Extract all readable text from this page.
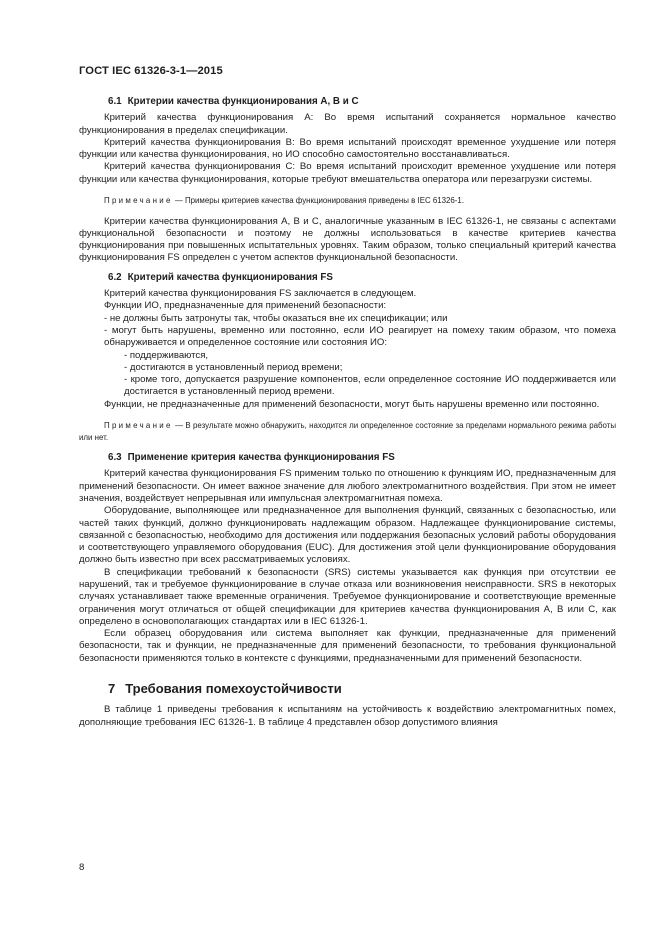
ГОСТ IEC 61326-3-1—2015
6.1 Критерии качества функционирования А, В и С

Критерий качества функционирования А: Во время испытаний сохраняется нормальное качество функционирования в пределах спецификации.

Критерий качества функционирования В: Во время испытаний происходят временное ухудшение или потеря функции или качества функционирования, но ИО способно самостоятельно восстанавливаться.

Критерий качества функционирования С: Во время испытаний происходит временное ухудшение или потеря функции или качества функционирования, которые требуют вмешательства оператора или перезагрузки системы.

Примечание — Примеры критериев качества функционирования приведены в IEC 61326-1.

Критерии качества функционирования А, В и С, аналогичные указанным в IEC 61326-1, не связаны с аспектами функциональной безопасности и поэтому не должны использоваться в качестве критериев качества функционирования при повышенных испытательных уровнях. Таким образом, только специальный критерий качества функционирования FS определен с учетом аспектов функциональной безопасности.

6.2 Критерий качества функционирования FS

Критерий качества функционирования FS заключается в следующем.

Функции ИО, предназначенные для применений безопасности:

- не должны быть затронуты так, чтобы оказаться вне их спецификации; или

- могут быть нарушены, временно или постоянно, если ИО реагирует на помеху таким образом, что помеха обнаруживается и определенное состояние или состояния ИО:

- поддерживаются,

- достигаются в установленный период времени;

- кроме того, допускается разрушение компонентов, если определенное состояние ИО поддерживается или достигается в установленный период времени.

Функции, не предназначенные для применений безопасности, могут быть нарушены временно или постоянно.

Примечание — В результате можно обнаружить, находится ли определенное состояние за пределами нормального режима работы или нет.

6.3 Применение критерия качества функционирования FS

Критерий качества функционирования FS применим только по отношению к функциям ИО, предназначенным для применений безопасности. Он имеет важное значение для любого электромагнитного воздействия. При этом не имеет значения, воздействует непрерывная или импульсная электромагнитная помеха.

Оборудование, выполняющее или предназначенное для выполнения функций, связанных с безопасностью, или частей таких функций, должно функционировать надлежащим образом. Надлежащее функционирование системы, связанной с безопасностью, необходимо для достижения или поддержания безопасных условий работы оборудования и соответствующего управляемого оборудования (EUC). Для достижения этой цели функционирование оборудования должно быть известно при всех рассматриваемых условиях.

В спецификации требований к безопасности (SRS) системы указывается как функция при отсутствии ее нарушений, так и требуемое функционирование в случае отказа или возникновения неисправности. SRS в некоторых случаях устанавливает также временные ограничения. Требуемое функционирование и соответствующие временные ограничения могут отличаться от общей спецификации для критериев качества функционирования А, В или С, как определено в основополагающих стандартах или в IEC 61326-1.

Если образец оборудования или система выполняет как функции, предназначенные для применений безопасности, так и функции, не предназначенные для применений безопасности, то требования функциональной безопасности применяются только в контексте с функциями, предназначенными для применений безопасности.

7 Требования помехоустойчивости

В таблице 1 приведены требования к испытаниям на устойчивость к воздействию электромагнитных помех, дополняющие требования IEC 61326-1. В таблице 4 представлен обзор допустимого влияния

8
